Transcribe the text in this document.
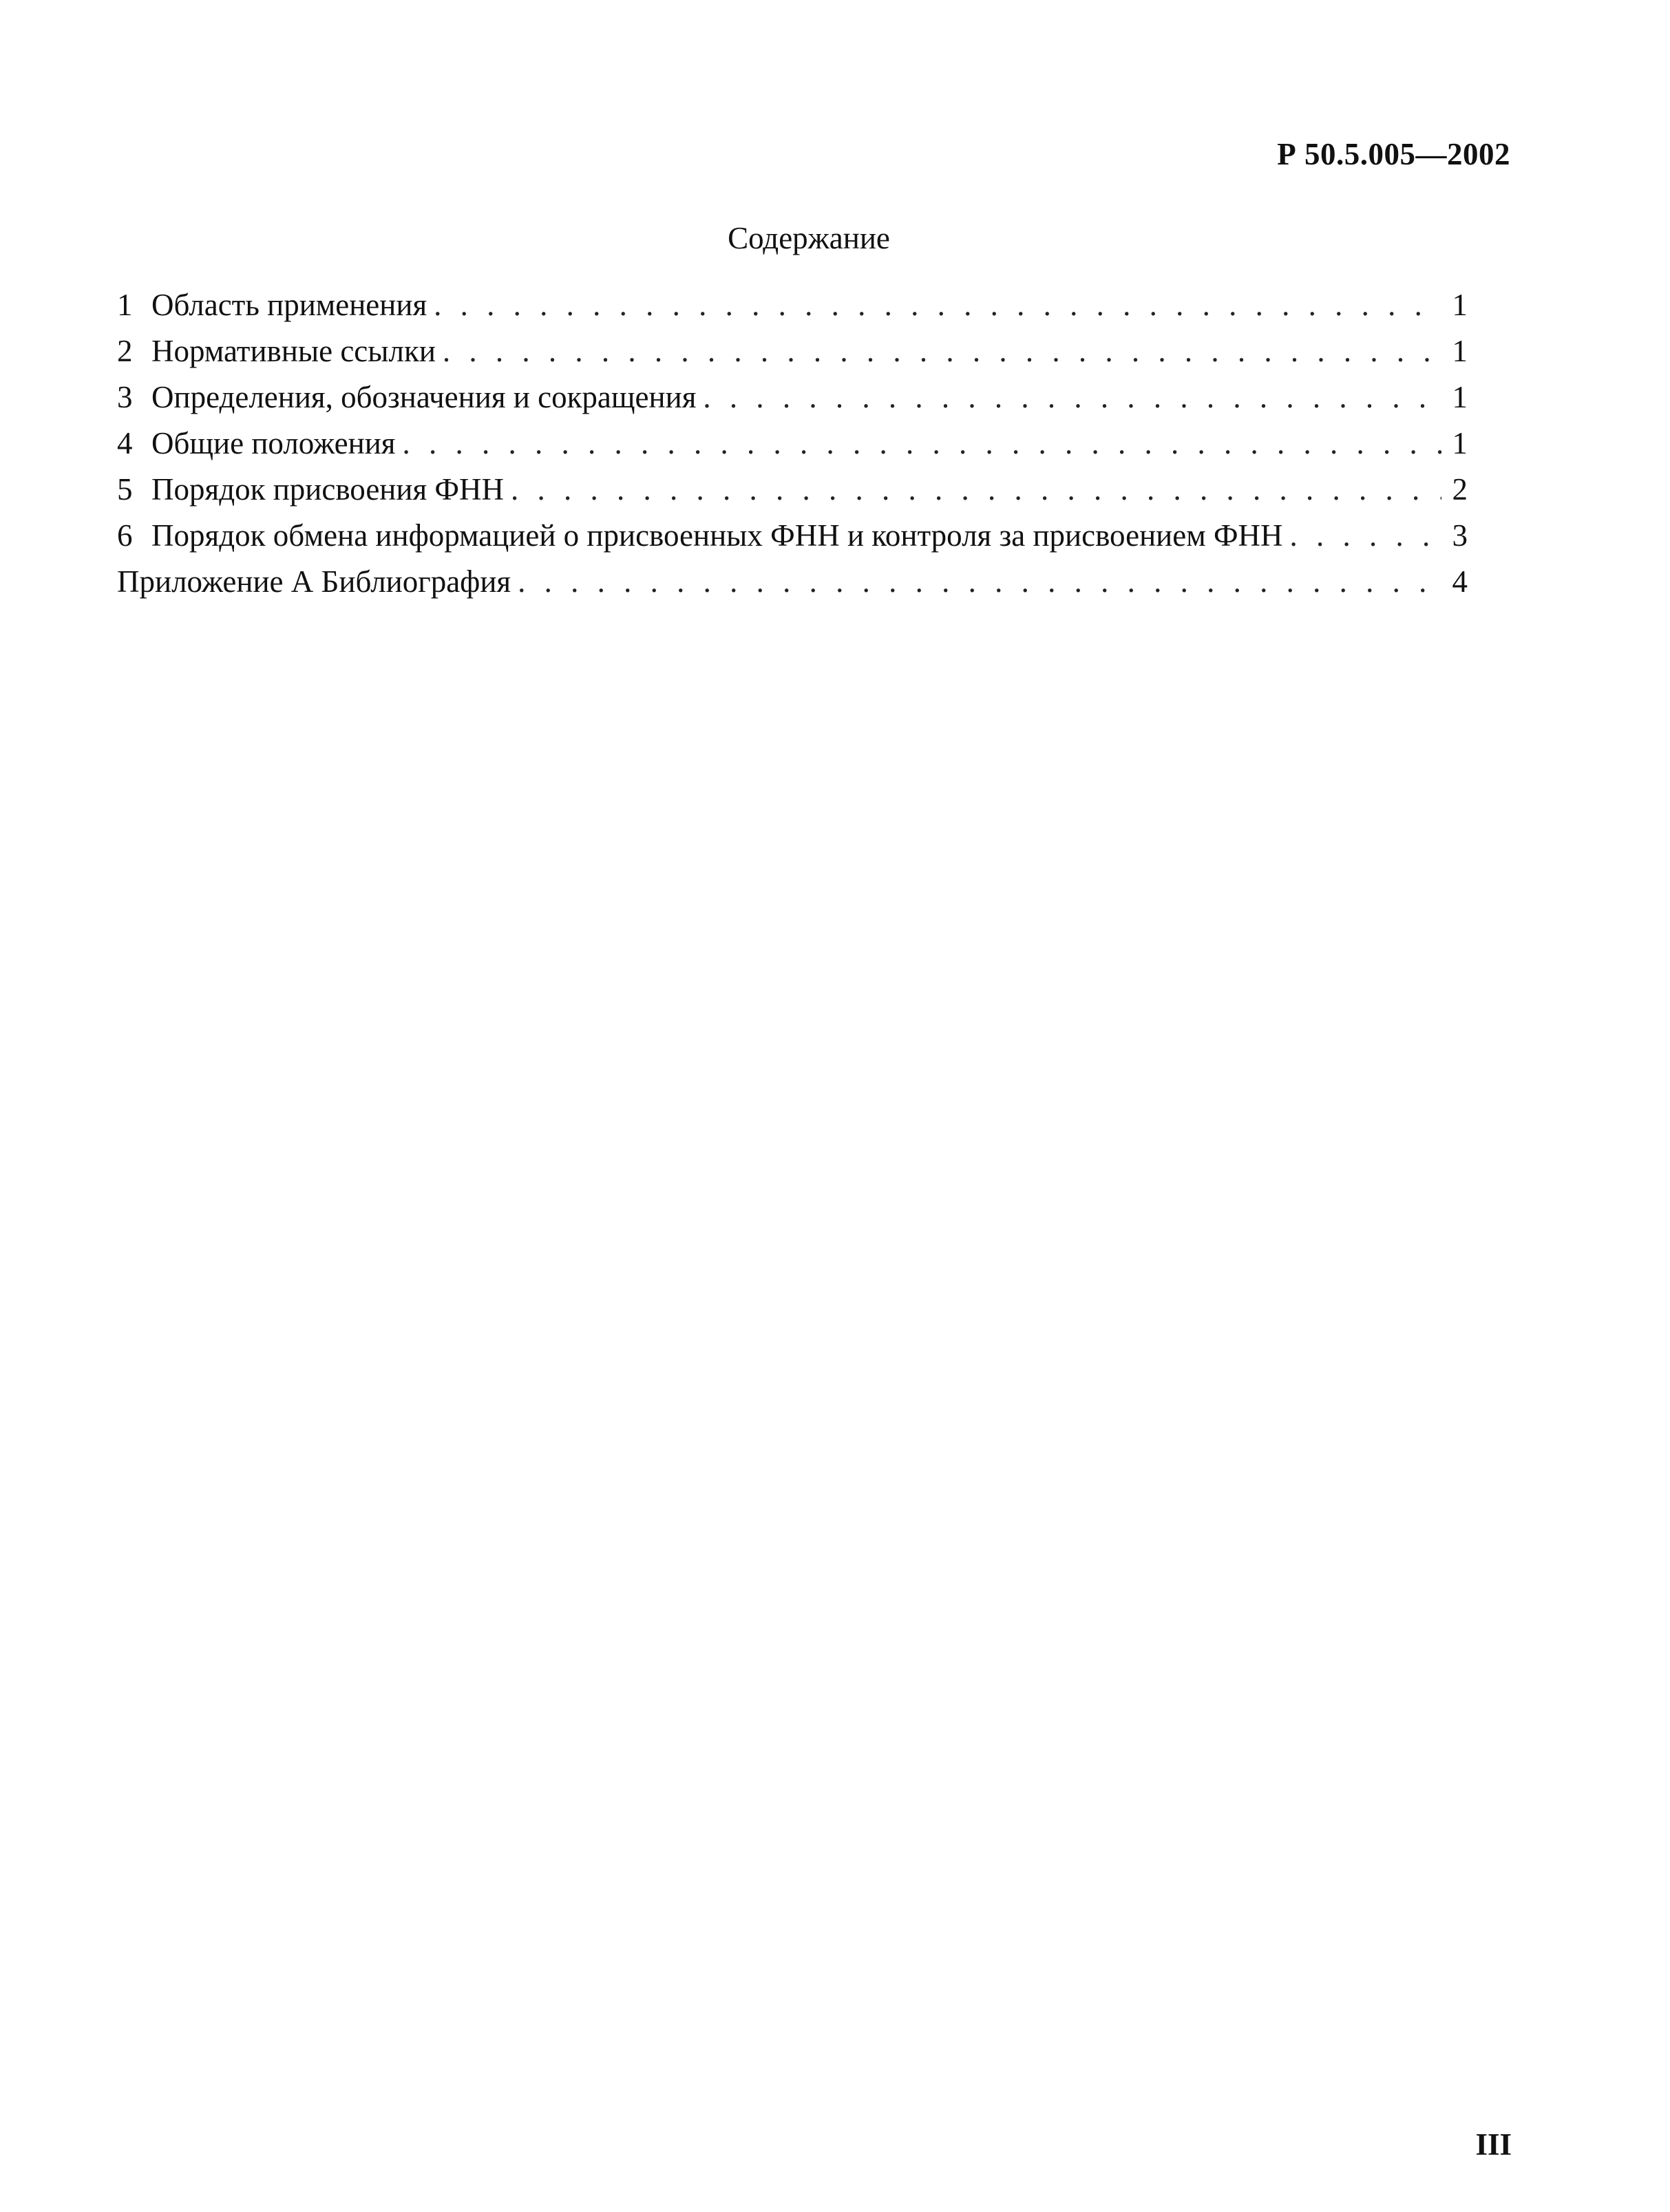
Р 50.5.005—2002
Содержание
1 Область применения . . .	1
2 Нормативные ссылки . . .	1
3 Определения, обозначения и сокращения . . .	1
4 Общие положения . . .	1
5 Порядок присвоения ФНН . . .	2
6 Порядок обмена информацией о присвоенных ФНН и контроля за присвоением ФНН . . .	3
Приложение А Библиография . . .	4
III
